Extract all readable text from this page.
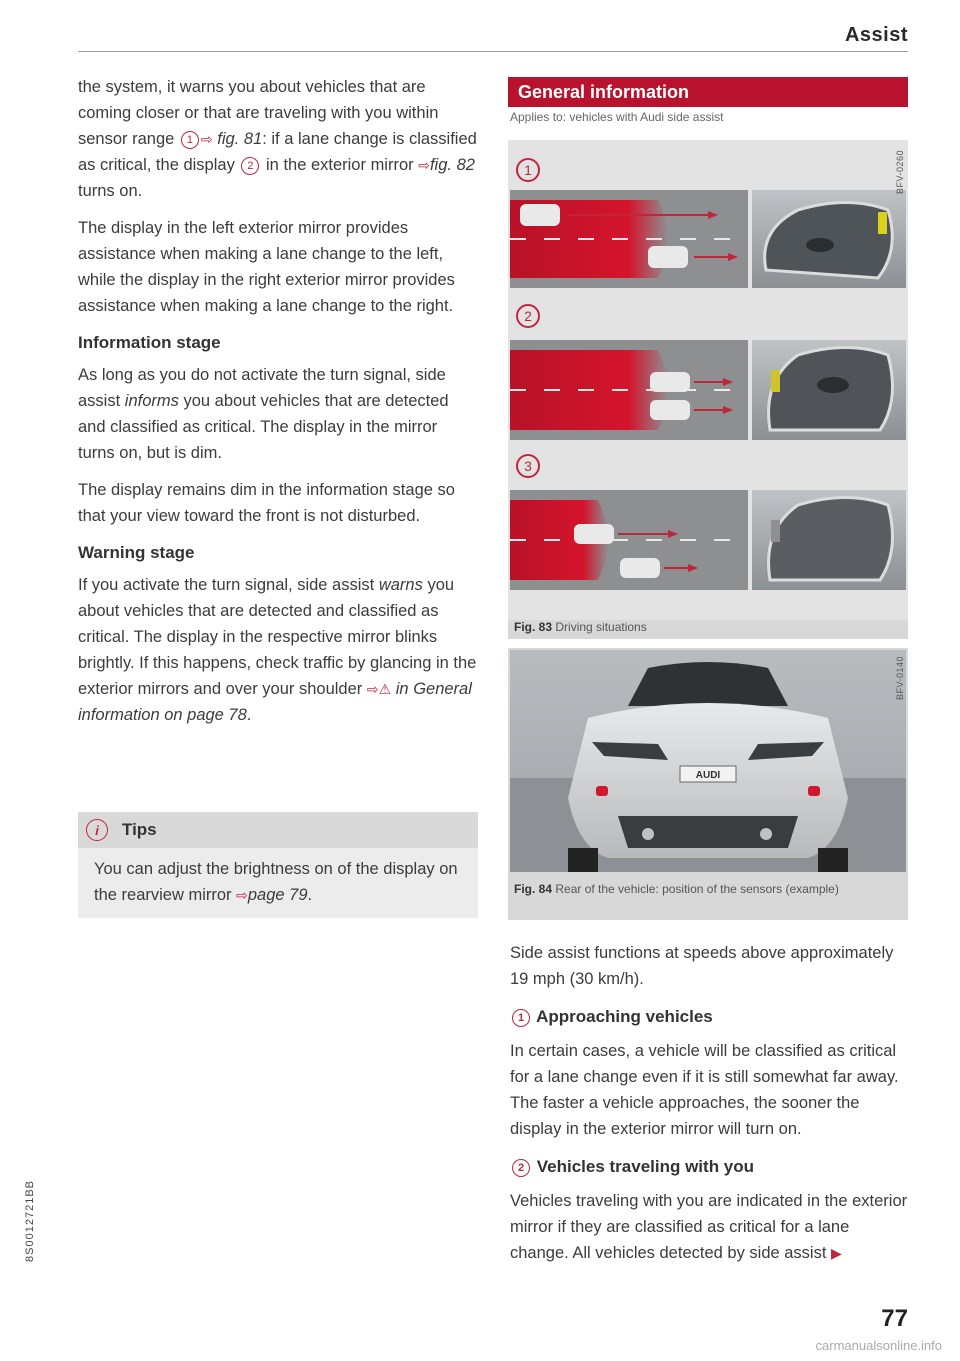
Assist

the system, it warns you about vehicles that are coming closer or that are traveling with you within sensor range 1 ⇨ fig. 81: if a lane change is classified as critical, the display 2 in the exterior mirror ⇨fig. 82 turns on.

The display in the left exterior mirror provides assistance when making a lane change to the left, while the display in the right exterior mirror provides assistance when making a lane change to the right.

Information stage

As long as you do not activate the turn signal, side assist informs you about vehicles that are detected and classified as critical. The display in the mirror turns on, but is dim.

The display remains dim in the information stage so that your view toward the front is not disturbed.

Warning stage

If you activate the turn signal, side assist warns you about vehicles that are detected and classified as critical. The display in the respective mirror blinks brightly. If this happens, check traffic by glancing in the exterior mirrors and over your shoulder ⇨⚠ in General information on page 78.

i	Tips
You can adjust the brightness on of the display on the rearview mirror ⇨page 79.
General information
Applies to: vehicles with Audi side assist
1
2
3
BFV-0260
Fig. 83 Driving situations
AUDI
BFV-0140
Fig. 84 Rear of the vehicle: position of the sensors (example)

Side assist functions at speeds above approximately 19 mph (30 km/h).

1 Approaching vehicles

In certain cases, a vehicle will be classified as critical for a lane change even if it is still somewhat far away. The faster a vehicle approaches, the sooner the display in the exterior mirror will turn on.

2 Vehicles traveling with you

Vehicles traveling with you are indicated in the exterior mirror if they are classified as critical for a lane change. All vehicles detected by side assist ▶

77
8S0012721BB
carmanualsonline.info
